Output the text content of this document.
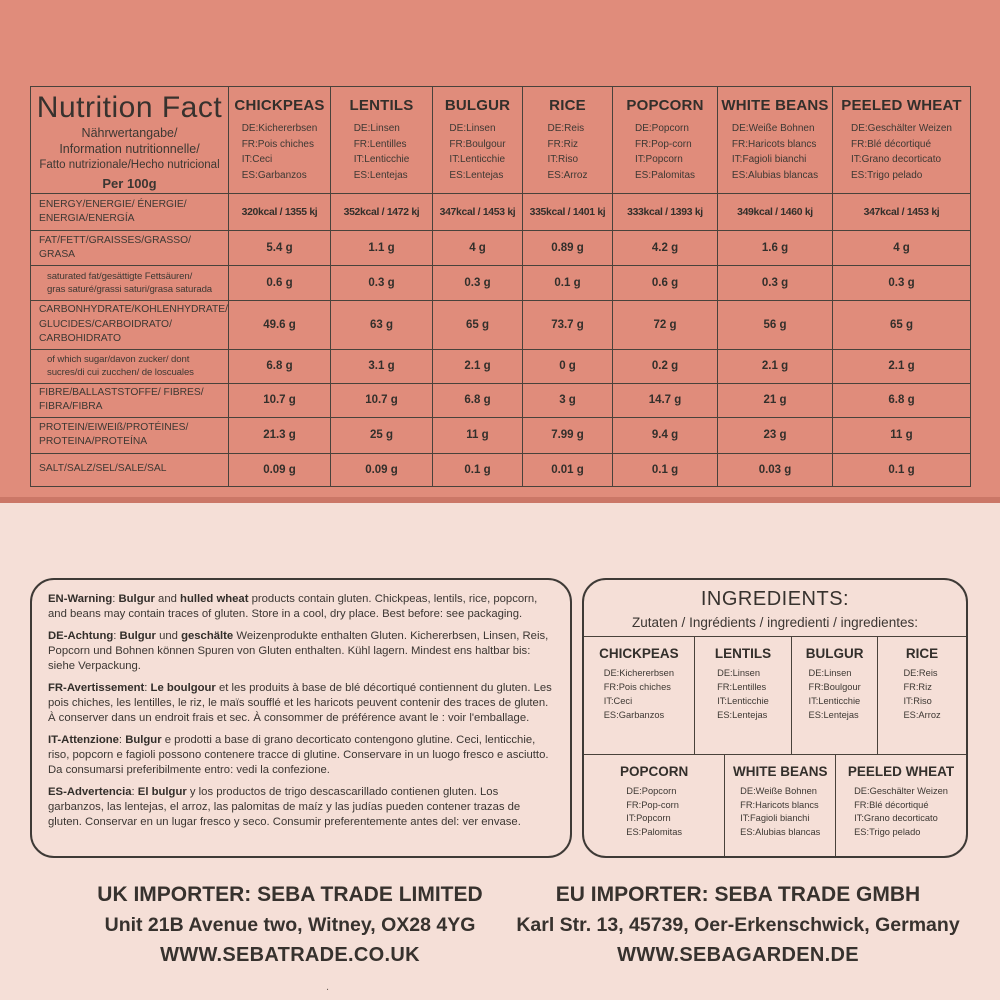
Nutrition Fact
Nährwertangabe/
Information nutritionnelle/
Fatto nutrizionale/Hecho nutricional
Per 100g

CHICKPEAS
DE:Kichererbsen
FR:Pois chiches
IT:Ceci
ES:Garbanzos	
LENTILS
DE:Linsen
FR:Lentilles
IT:Lenticchie
ES:Lentejas	
BULGUR
DE:Linsen
FR:Boulgour
IT:Lenticchie
ES:Lentejas	
RICE
DE:Reis
FR:Riz
IT:Riso
ES:Arroz	
POPCORN
DE:Popcorn
FR:Pop-corn
IT:Popcorn
ES:Palomitas	
WHITE BEANS
DE:Weiße Bohnen
FR:Haricots blancs
IT:Fagioli bianchi
ES:Alubias blancas	
PEELED WHEAT
DE:Geschälter Weizen
FR:Blé décortiqué
IT:Grano decorticato
ES:Trigo pelado
ENERGY/ENERGIE/ ÉNERGIE/
ENERGIA/ENERGÍA	320kcal / 1355 kj	352kcal / 1472 kj	347kcal / 1453 kj	335kcal / 1401 kj	333kcal / 1393 kj	349kcal / 1460 kj	347kcal / 1453 kj
FAT/FETT/GRAISSES/GRASSO/
GRASA	5.4 g	1.1 g	4 g	0.89 g	4.2 g	1.6 g	4 g
saturated fat/gesättigte Fettsäuren/
gras saturé/grassi saturi/grasa saturada	0.6 g	0.3 g	0.3 g	0.1 g	0.6 g	0.3 g	0.3 g
CARBONHYDRATE/KOHLENHYDRATE/
GLUCIDES/CARBOIDRATO/
CARBOHIDRATO	49.6 g	63 g	65 g	73.7 g	72 g	56 g	65 g
of which sugar/davon zucker/ dont
sucres/di cui zucchen/ de loscuales	6.8 g	3.1 g	2.1 g	0 g	0.2 g	2.1 g	2.1 g
FIBRE/BALLASTSTOFFE/ FIBRES/
FIBRA/FIBRA	10.7 g	10.7 g	6.8 g	3 g	14.7 g	21 g	6.8 g
PROTEIN/EIWEIß/PROTÉINES/
PROTEINA/PROTEÍNA	21.3 g	25 g	11 g	7.99 g	9.4 g	23 g	11 g
SALT/SALZ/SEL/SALE/SAL	0.09 g	0.09 g	0.1 g	0.01 g	0.1 g	0.03 g	0.1 g

EN-Warning: Bulgur and hulled wheat products contain gluten. Chickpeas, lentils, rice, popcorn, and beans may contain traces of gluten. Store in a cool, dry place. Best before: see packaging.

DE-Achtung: Bulgur und geschälte Weizenprodukte enthalten Gluten. Kichererbsen, Linsen, Reis, Popcorn und Bohnen können Spuren von Gluten enthalten. Kühl lagern. Mindest ens haltbar bis: siehe Verpackung.

FR-Avertissement: Le boulgour et les produits à base de blé décortiqué contiennent du gluten. Les pois chiches, les lentilles, le riz, le maïs soufflé et les haricots peuvent contenir des traces de gluten. À conserver dans un endroit frais et sec. À consommer de préférence avant le : voir l'emballage.

IT-Attenzione: Bulgur e prodotti a base di grano decorticato contengono glutine. Ceci, lenticchie, riso, popcorn e fagioli possono contenere tracce di glutine. Conservare in un luogo fresco e asciutto. Da consumarsi preferibilmente entro: vedi la confezione.

ES-Advertencia: El bulgur y los productos de trigo descascarillado contienen gluten. Los garbanzos, las lentejas, el arroz, las palomitas de maíz y las judías pueden contener trazas de gluten. Conservar en un lugar fresco y seco. Consumir preferentemente antes del: ver envase.

INGREDIENTS:
Zutaten / Ingrédients / ingredienti / ingredientes:
CHICKPEAS
DE:Kichererbsen
FR:Pois chiches
IT:Ceci
ES:Garbanzos
LENTILS
DE:Linsen
FR:Lentilles
IT:Lenticchie
ES:Lentejas
BULGUR
DE:Linsen
FR:Boulgour
IT:Lenticchie
ES:Lentejas
RICE
DE:Reis
FR:Riz
IT:Riso
ES:Arroz
POPCORN
DE:Popcorn
FR:Pop-corn
IT:Popcorn
ES:Palomitas
WHITE BEANS
DE:Weiße Bohnen
FR:Haricots blancs
IT:Fagioli bianchi
ES:Alubias blancas
PEELED WHEAT
DE:Geschälter Weizen
FR:Blé décortiqué
IT:Grano decorticato
ES:Trigo pelado
UK IMPORTER: SEBA TRADE LIMITED
Unit 21B Avenue two, Witney, OX28 4YG
WWW.SEBATRADE.CO.UK
EU IMPORTER: SEBA TRADE GMBH
Karl Str. 13, 45739, Oer-Erkenschwick, Germany
WWW.SEBAGARDEN.DE
.
